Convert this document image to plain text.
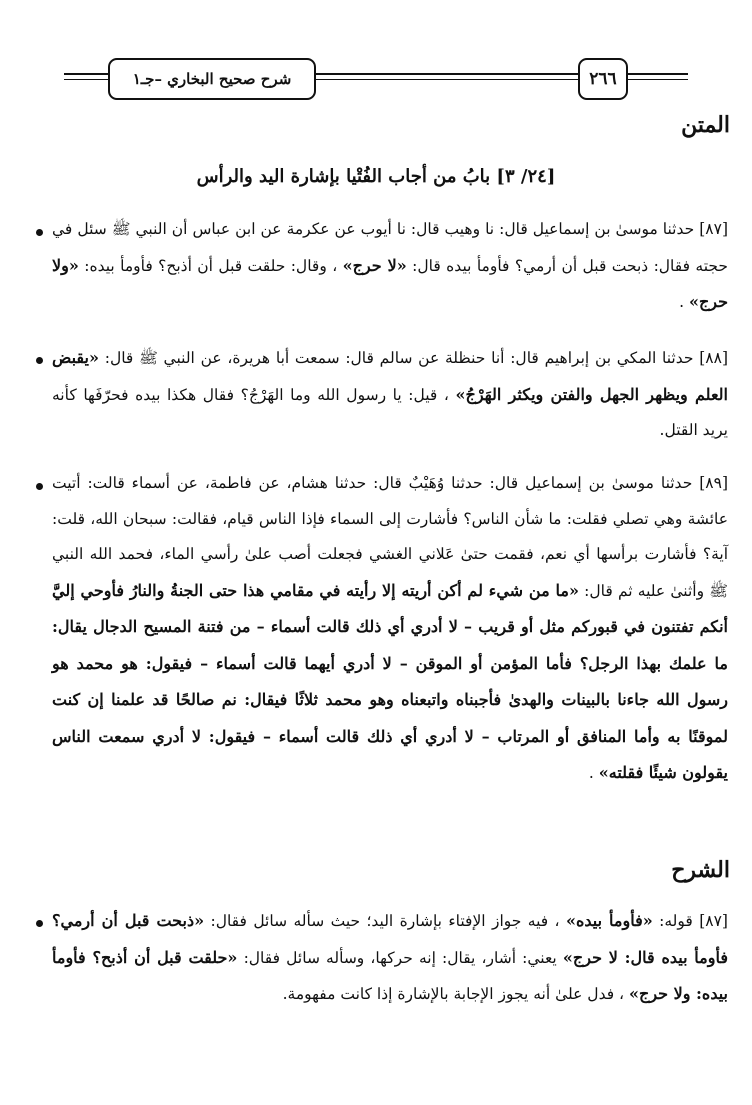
شرح صحيح البخاري –جـ١	٢٦٦
المتن
[٢٤/ ٣] بابُ من أجاب الفُتْيا بإشارة اليد والرأس
[٨٧] حدثنا موسىٰ بن إسماعيل قال: نا وهيب قال: نا أيوب عن عكرمة عن ابن عباس أن النبي ﷺ سئل في حجته فقال: ذبحت قبل أن أرمي؟ فأومأ بيده قال: «لا حرج» ، وقال: حلقت قبل أن أذبح؟ فأومأ بيده: «ولا حرج» .
[٨٨] حدثنا المكي بن إبراهيم قال: أنا حنظلة عن سالم قال: سمعت أبا هريرة، عن النبي ﷺ قال: «يقبض العلم ويظهر الجهل والفتن ويكثر الهَرْجُ» ، قيل: يا رسول الله وما الهَرْجُ؟ فقال هكذا بيده فحرّفَها كأنه يريد القتل.
[٨٩] حدثنا موسىٰ بن إسماعيل قال: حدثنا وُهَيْبٌ قال: حدثنا هشام، عن فاطمة، عن أسماء قالت: أتيت عائشة وهي تصلي فقلت: ما شأن الناس؟ فأشارت إلى السماء فإذا الناس قيام، فقالت: سبحان الله، قلت: آية؟ فأشارت برأسها أي نعم، فقمت حتىٰ عَلاني الغشي فجعلت أصب علىٰ رأسي الماء، فحمد الله النبي ﷺ وأثنىٰ عليه ثم قال: «ما من شيء لم أكن أريته إلا رأيته في مقامي هذا حتى الجنةُ والنارُ فأوحي إليَّ أنكم تفتنون في قبوركم مثل أو قريب – لا أدري أي ذلك قالت أسماء – من فتنة المسيح الدجال يقال: ما علمك بهذا الرجل؟ فأما المؤمن أو الموقن – لا أدري أيهما قالت أسماء – فيقول: هو محمد هو رسول الله جاءنا بالبينات والهدىٰ فأجبناه واتبعناه وهو محمد ثلاثًا فيقال: نم صالحًا قد علمنا إن كنت لموقنًا به وأما المنافق أو المرتاب – لا أدري أي ذلك قالت أسماء – فيقول: لا أدري سمعت الناس يقولون شيئًا فقلته» .
الشرح
[٨٧] قوله: «فأومأ بيده» ، فيه جواز الإفتاء بإشارة اليد؛ حيث سأله سائل فقال: «ذبحت قبل أن أرمي؟ فأومأ بيده قال: لا حرج» يعني: أشار، يقال: إنه حركها، وسأله سائل فقال: «حلقت قبل أن أذبح؟ فأومأ بيده: ولا حرج» ، فدل علىٰ أنه يجوز الإجابة بالإشارة إذا كانت مفهومة.
